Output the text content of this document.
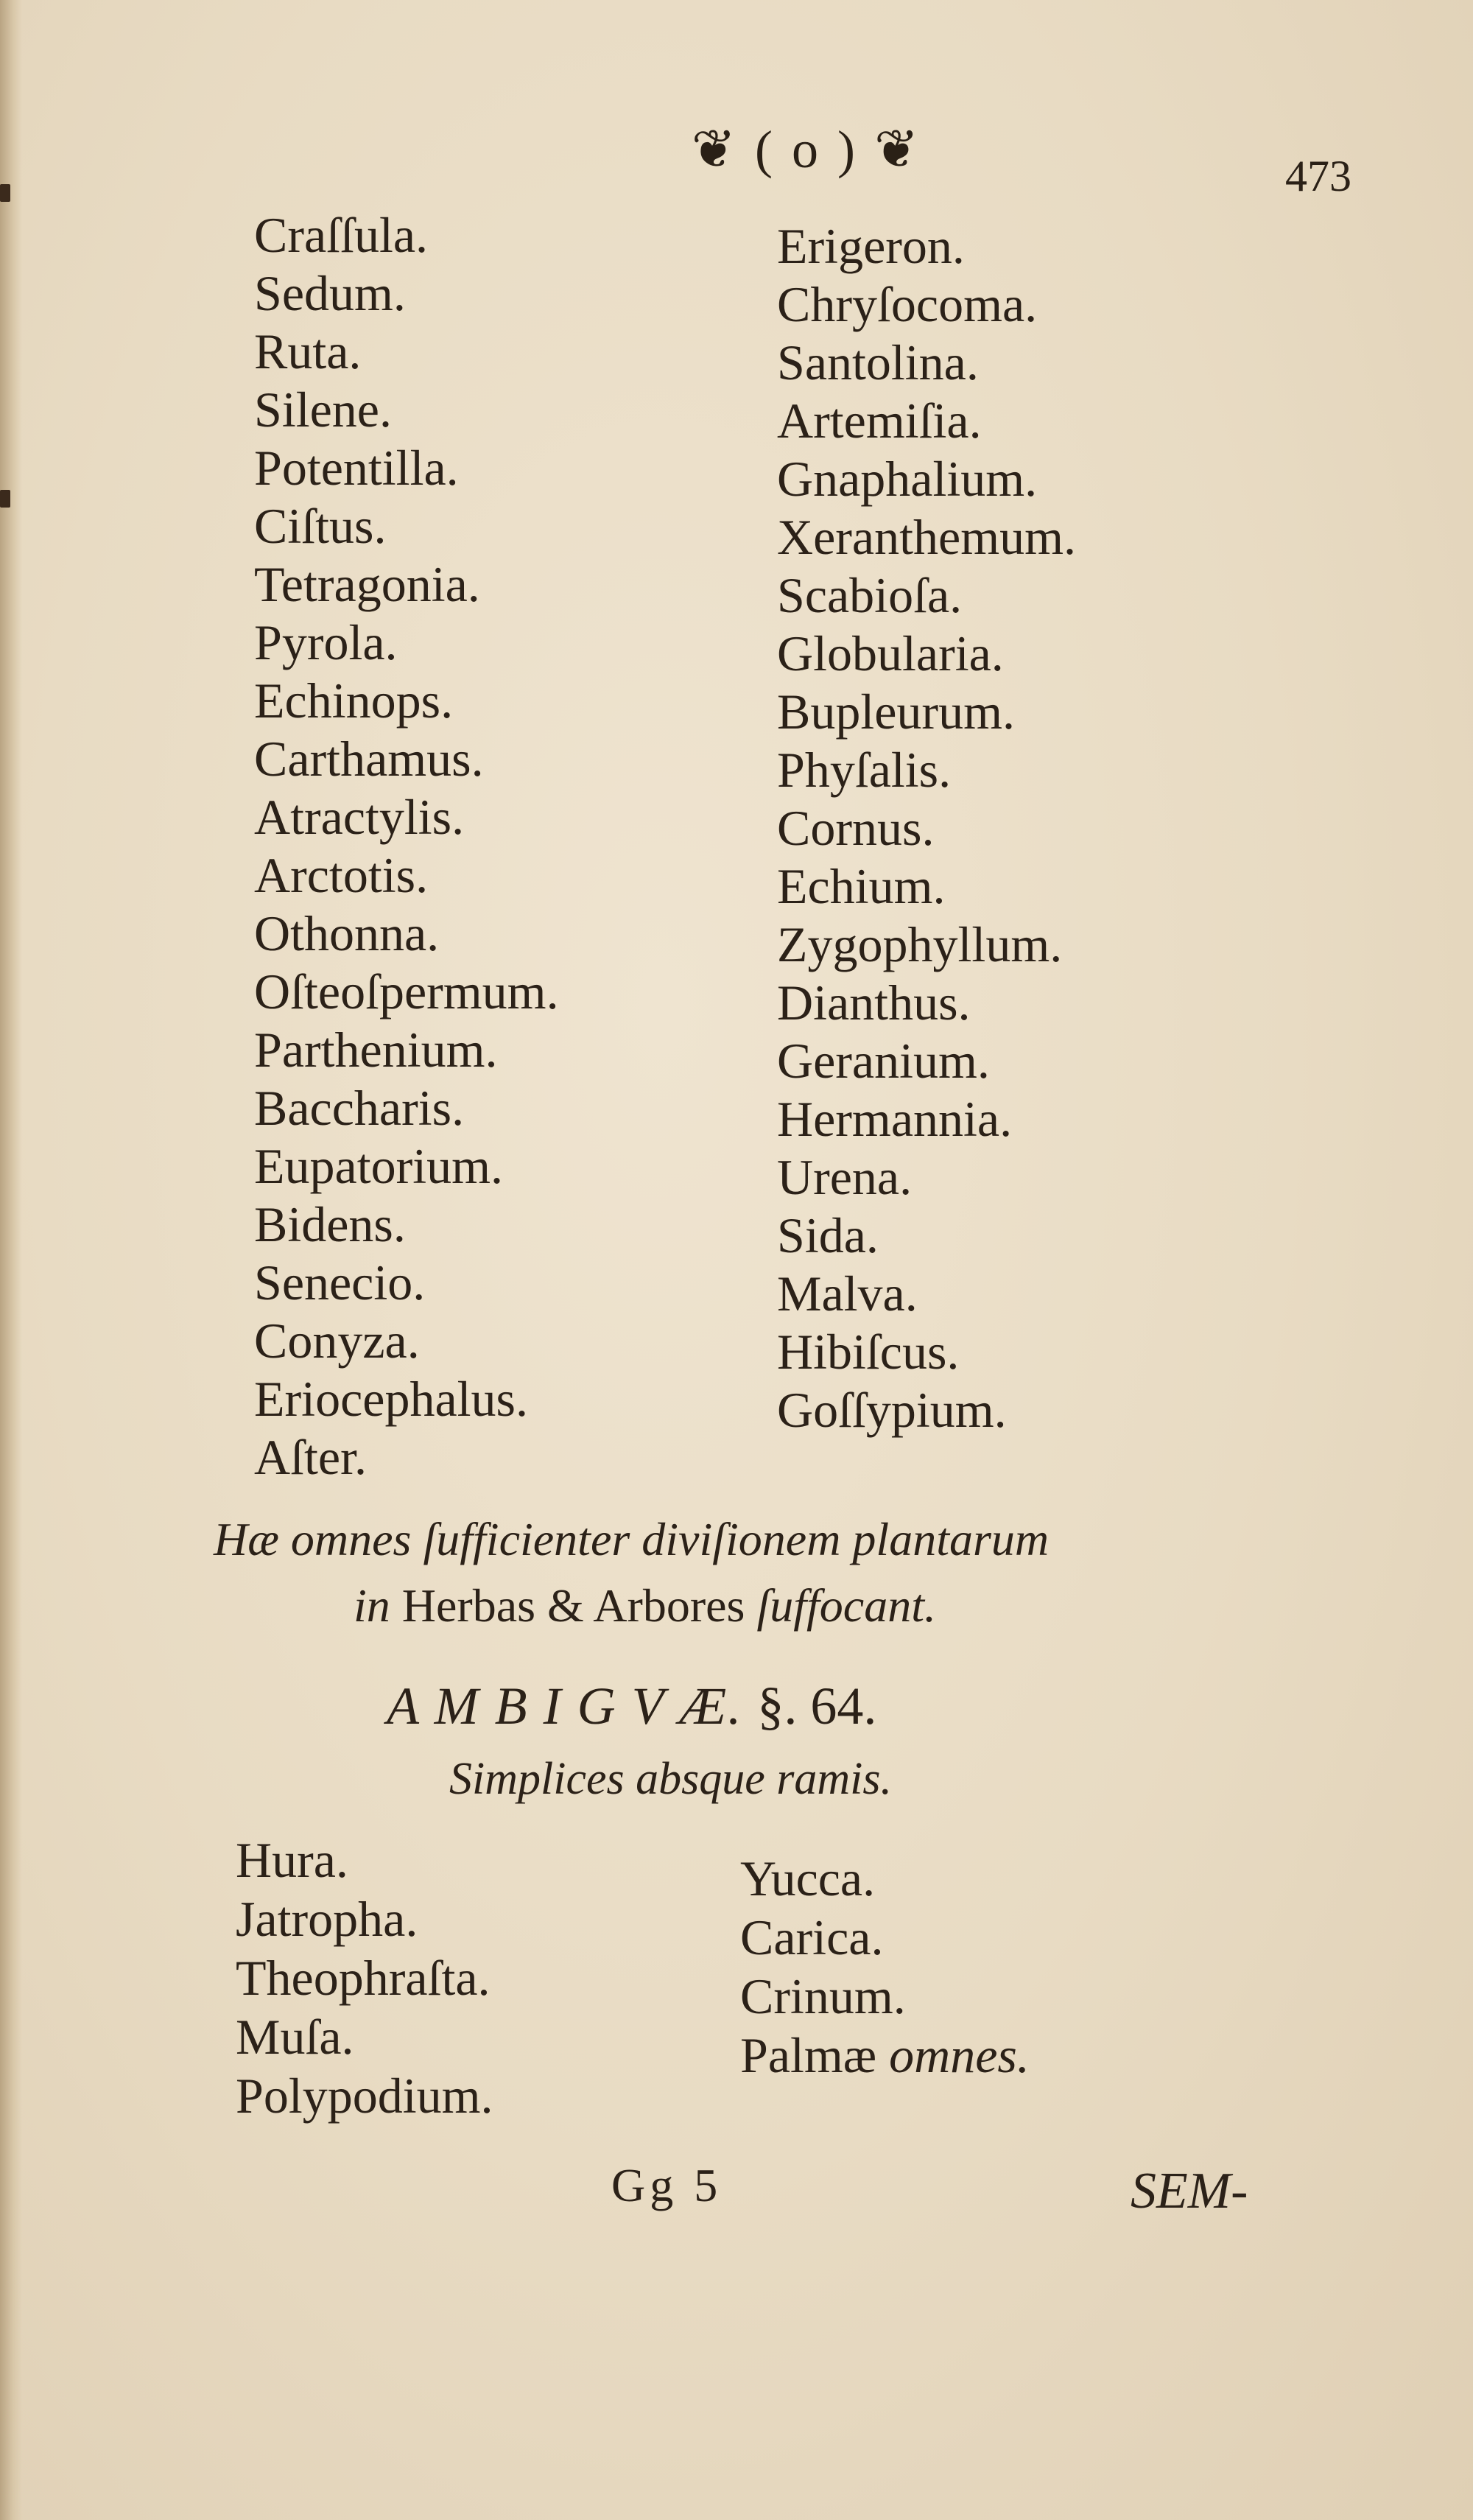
❦ ( o ) ❦	473
Craſſula.
Sedum.
Ruta.
Silene.
Potentilla.
Ciſtus.
Tetragonia.
Pyrola.
Echinops.
Carthamus.
Atractylis.
Arctotis.
Othonna.
Oſteoſpermum.
Parthenium.
Baccharis.
Eupatorium.
Bidens.
Senecio.
Conyza.
Eriocephalus.
Aſter.
Erigeron.
Chryſocoma.
Santolina.
Artemiſia.
Gnaphalium.
Xeranthemum.
Scabioſa.
Globularia.
Bupleurum.
Phyſalis.
Cornus.
Echium.
Zygophyllum.
Dianthus.
Geranium.
Hermannia.
Urena.
Sida.
Malva.
Hibiſcus.
Goſſypium.
Hæ omnes ſufficienter diviſionem plantarum
in Herbas & Arbores ſuffocant.
A M B I G V Æ. §. 64.
Simplices absque ramis.
Hura.
Jatropha.
Theophraſta.
Muſa.
Polypodium.
Yucca.
Carica.
Crinum.
Palmæ omnes.
Gg 5	SEM-
